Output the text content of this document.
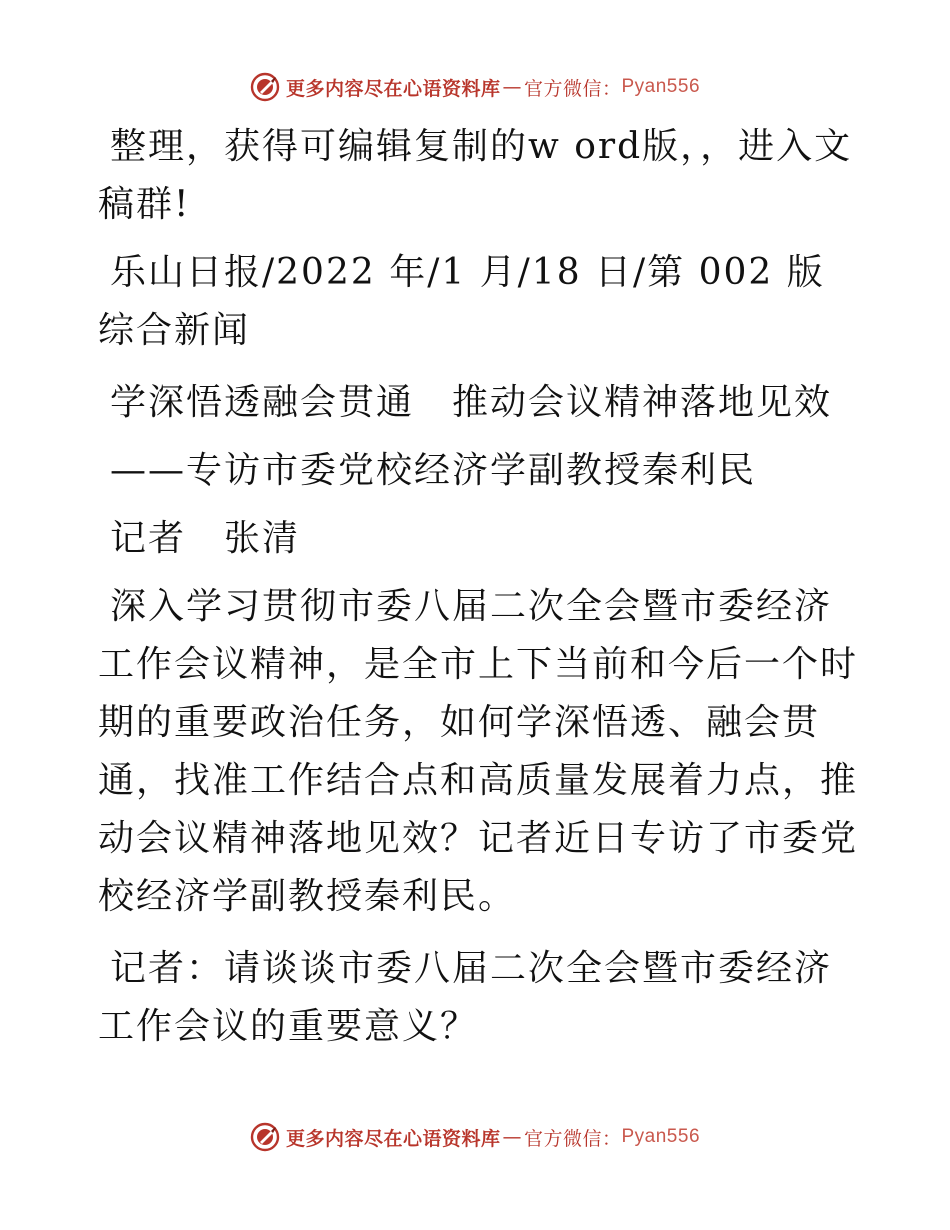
更多内容尽在心语资料库 — 官方微信： Pyan556

整理，获得可编辑复制的w ord版，，进入文稿群!

乐山日报/2022 年/1 月/18 日/第 002 版综合新闻

学深悟透融会贯通　推动会议精神落地见效

——专访市委党校经济学副教授秦利民

记者　张清

深入学习贯彻市委八届二次全会暨市委经济工作会议精神，是全市上下当前和今后一个时期的重要政治任务，如何学深悟透、融会贯通，找准工作结合点和高质量发展着力点，推动会议精神落地见效？记者近日专访了市委党校经济学副教授秦利民。

记者：请谈谈市委八届二次全会暨市委经济工作会议的重要意义？

更多内容尽在心语资料库 — 官方微信： Pyan556
